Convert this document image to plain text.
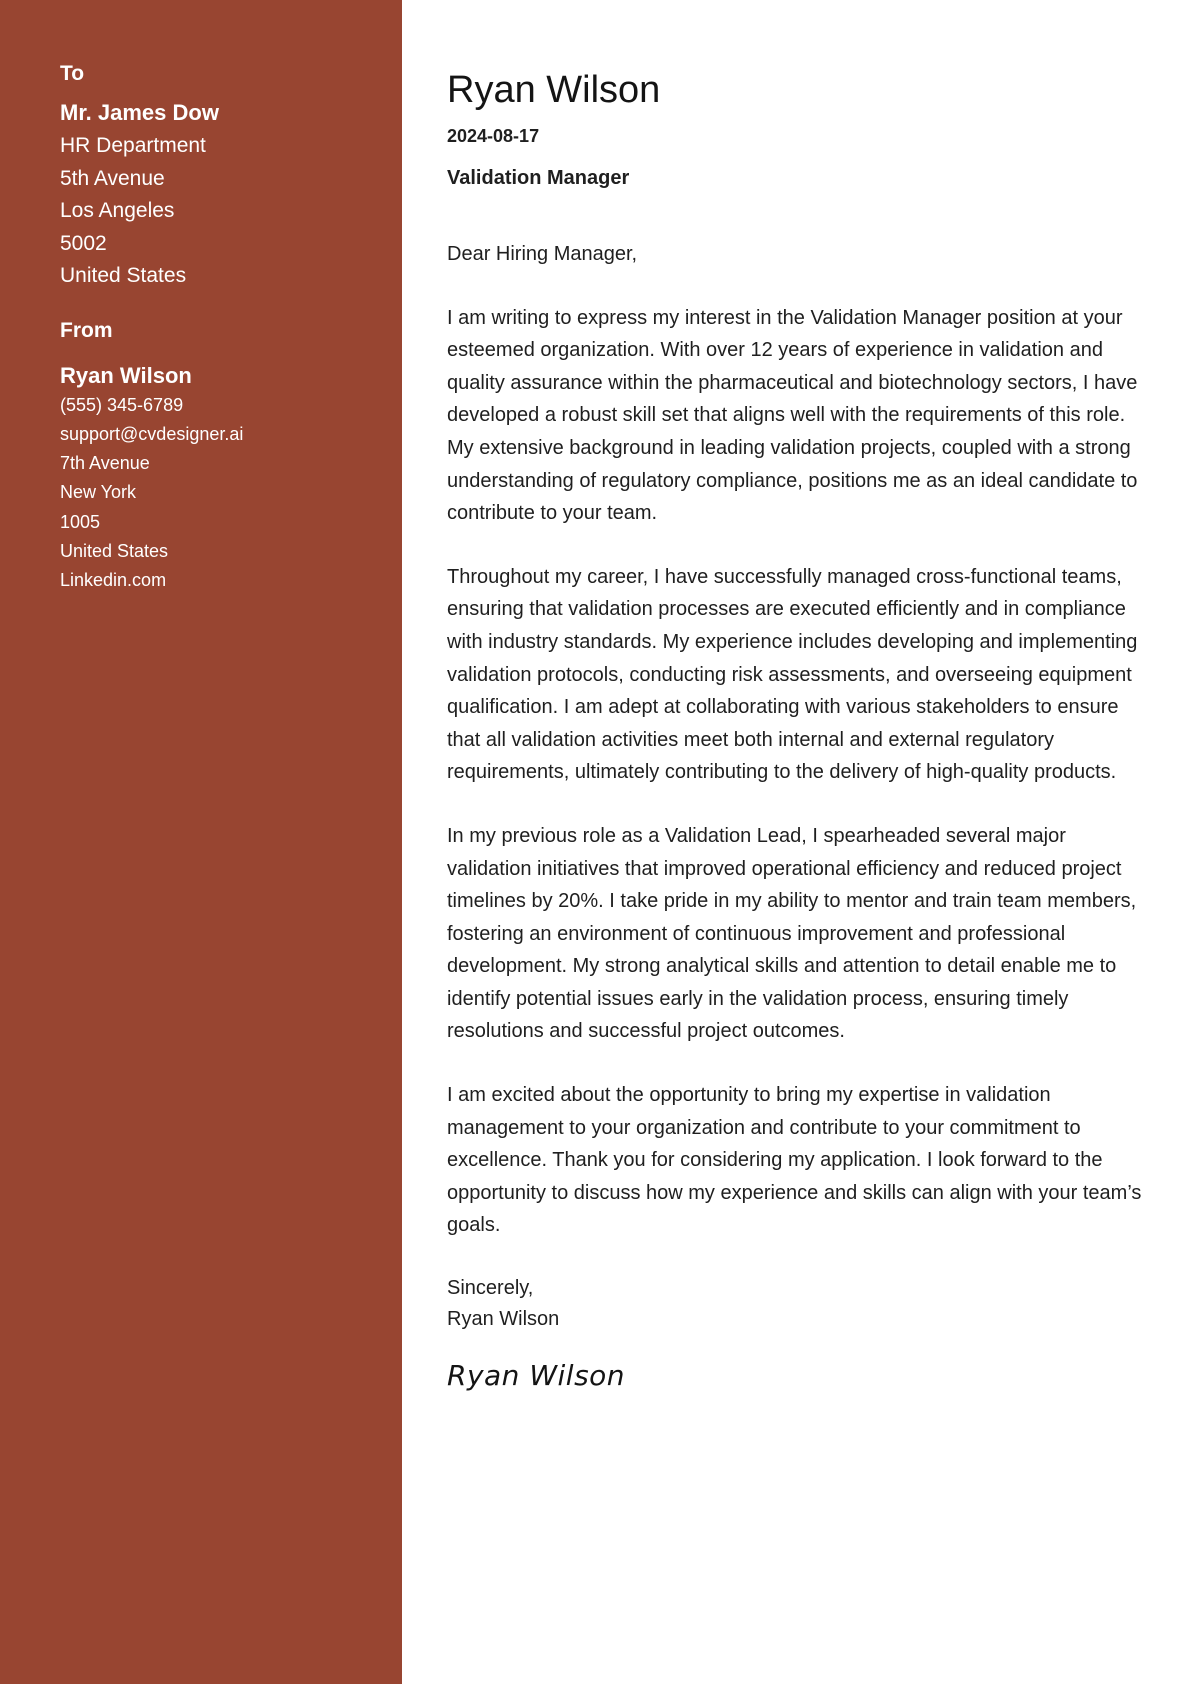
To
Mr. James Dow
HR Department
5th Avenue
Los Angeles
5002
United States
From
Ryan Wilson
(555) 345-6789
support@cvdesigner.ai
7th Avenue
New York
1005
United States
Linkedin.com
Ryan Wilson
2024-08-17
Validation Manager

Dear Hiring Manager,

I am writing to express my interest in the Validation Manager position at your esteemed organization. With over 12 years of experience in validation and quality assurance within the pharmaceutical and biotechnology sectors, I have developed a robust skill set that aligns well with the requirements of this role. My extensive background in leading validation projects, coupled with a strong understanding of regulatory compliance, positions me as an ideal candidate to contribute to your team.

Throughout my career, I have successfully managed cross-functional teams, ensuring that validation processes are executed efficiently and in compliance with industry standards. My experience includes developing and implementing validation protocols, conducting risk assessments, and overseeing equipment qualification. I am adept at collaborating with various stakeholders to ensure that all validation activities meet both internal and external regulatory requirements, ultimately contributing to the delivery of high-quality products.

In my previous role as a Validation Lead, I spearheaded several major validation initiatives that improved operational efficiency and reduced project timelines by 20%. I take pride in my ability to mentor and train team members, fostering an environment of continuous improvement and professional development. My strong analytical skills and attention to detail enable me to identify potential issues early in the validation process, ensuring timely resolutions and successful project outcomes.

I am excited about the opportunity to bring my expertise in validation management to your organization and contribute to your commitment to excellence. Thank you for considering my application. I look forward to the opportunity to discuss how my experience and skills can align with your team’s goals.

Sincerely,
Ryan Wilson
Ryan Wilson
